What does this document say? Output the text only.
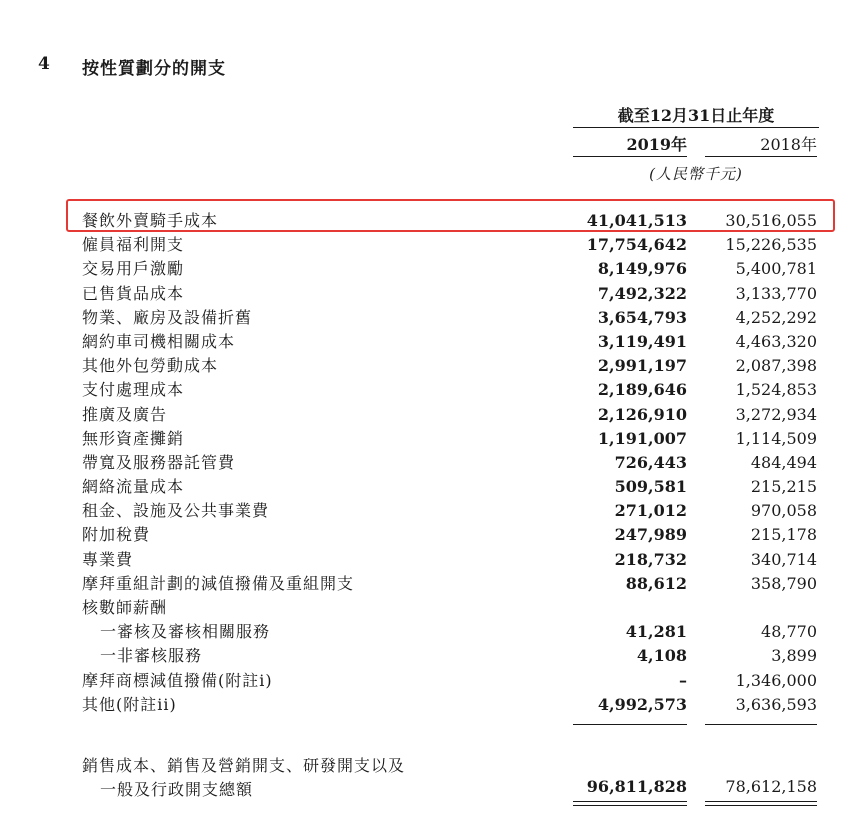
4 按性質劃分的開支
截至12月31日止年度
2019年	2018年
(人民幣千元)
餐飲外賣騎手成本	41,041,513	30,516,055
僱員福利開支	17,754,642	15,226,535
交易用戶激勵	8,149,976	5,400,781
已售貨品成本	7,492,322	3,133,770
物業、廠房及設備折舊	3,654,793	4,252,292
網約車司機相關成本	3,119,491	4,463,320
其他外包勞動成本	2,991,197	2,087,398
支付處理成本	2,189,646	1,524,853
推廣及廣告	2,126,910	3,272,934
無形資產攤銷	1,191,007	1,114,509
帶寬及服務器託管費	726,443	484,494
網絡流量成本	509,581	215,215
租金、設施及公共事業費	271,012	970,058
附加稅費	247,989	215,178
專業費	218,732	340,714
摩拜重組計劃的減值撥備及重組開支	88,612	358,790
核數師薪酬
一審核及審核相關服務	41,281	48,770
一非審核服務	4,108	3,899
摩拜商標減值撥備(附註i)	–	1,346,000
其他(附註ii)	4,992,573	3,636,593
銷售成本、銷售及營銷開支、研發開支以及
一般及行政開支總額	96,811,828	78,612,158
